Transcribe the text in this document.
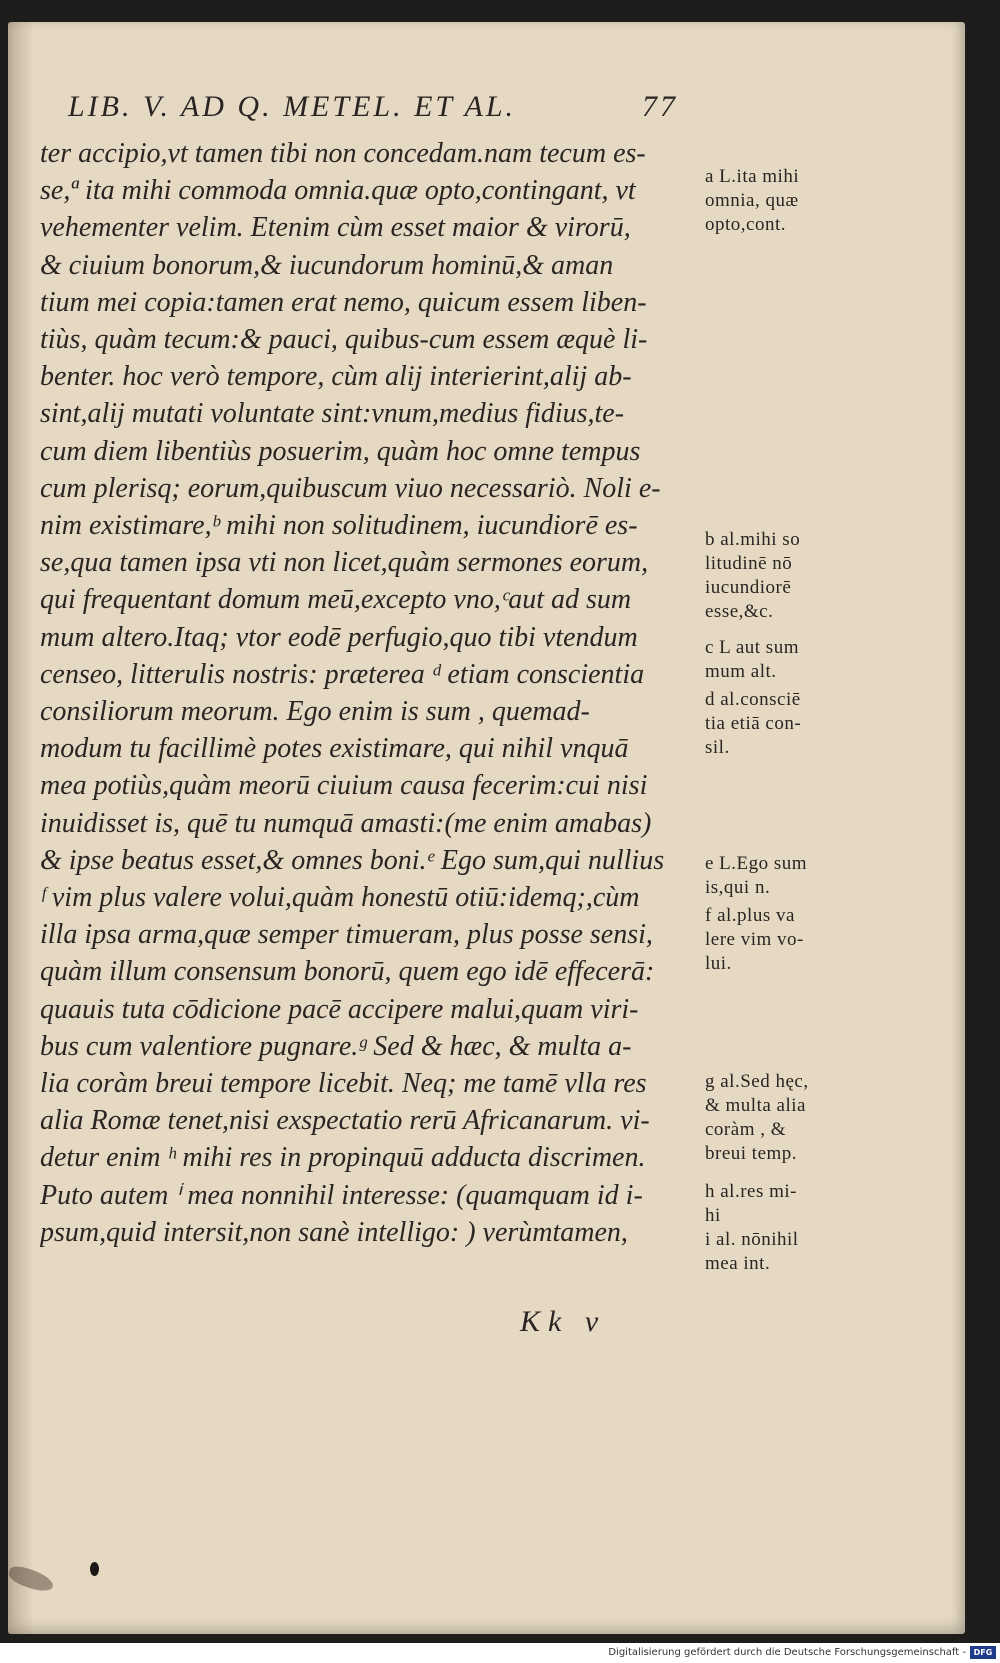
LIB. V. AD Q. METEL. ET AL.	77
ter accipio,vt tamen tibi non concedam.nam tecum es-
se,ª ita mihi commoda omnia.quæ opto,contingant, vt
vehementer velim. Etenim cùm esset maior & virorū,
& ciuium bonorum,& iucundorum hominū,& aman
tium mei copia:tamen erat nemo, quicum essem liben-
tiùs, quàm tecum:& pauci, quibus-cum essem æquè li-
benter. hoc verò tempore, cùm alij interierint,alij ab-
sint,alij mutati voluntate sint:vnum,medius fidius,te-
cum diem libentiùs posuerim, quàm hoc omne tempus
cum plerisq; eorum,quibuscum viuo necessariò. Noli e-
nim existimare,ᵇ mihi non solitudinem, iucundiorē es-
se,qua tamen ipsa vti non licet,quàm sermones eorum,
qui frequentant domum meū,excepto vno,ᶜaut ad sum
mum altero.Itaq; vtor eodē perfugio,quo tibi vtendum
censeo, litterulis nostris: præterea ᵈ etiam conscientia
consiliorum meorum. Ego enim is sum , quemad-
modum tu facillimè potes existimare, qui nihil vnquā
mea potiùs,quàm meorū ciuium causa fecerim:cui nisi
inuidisset is, quē tu numquā amasti:(me enim amabas)
& ipse beatus esset,& omnes boni.ᵉ Ego sum,qui nullius
ᶠ vim plus valere volui,quàm honestū otiū:idemq;,cùm
illa ipsa arma,quæ semper timueram, plus posse sensi,
quàm illum consensum bonorū, quem ego idē effecerā:
quauis tuta cōdicione pacē accipere malui,quam viri-
bus cum valentiore pugnare.ᵍ Sed & hæc, & multa a-
lia coràm breui tempore licebit. Neq; me tamē vlla res
alia Romæ tenet,nisi exspectatio rerū Africanarum. vi-
detur enim ʰ mihi res in propinquū adducta discrimen.
Puto autem ⁱ mea nonnihil interesse: (quamquam id i-
psum,quid intersit,non sanè intelligo: ) verùmtamen,
a L.ita mihi
omnia, quæ
opto,cont.
b al.mihi so
litudinē nō
iucundiorē
esse,&c.
c L aut sum
mum alt.
d al.consciē
tia etiā con-
sil.
e L.Ego sum
is,qui n.
f al.plus va
lere vim vo-
lui.
g al.Sed hęc,
& multa alia
coràm , &
breui temp.
h al.res mi-
hi
i al. nōnihil
mea int.
Kk v
Digitalisierung gefördert durch die Deutsche Forschungsgemeinschaft - DFG
